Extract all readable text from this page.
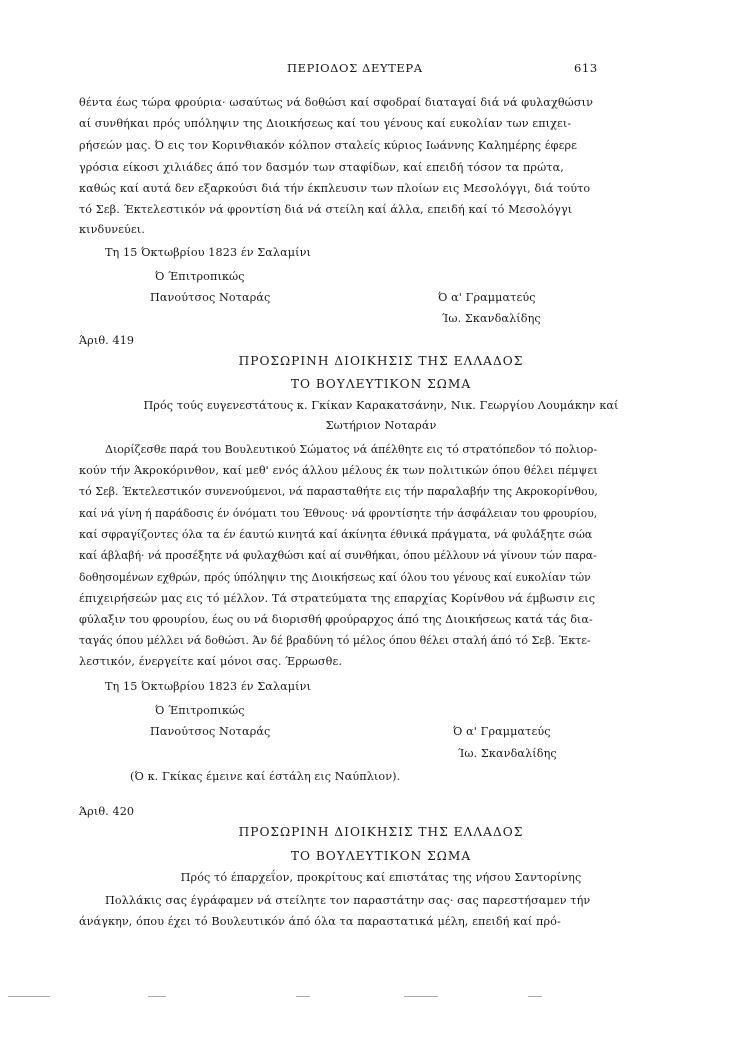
ΠΕΡΙΟΔΟΣ ΔΕΥΤΕΡΑ	613
θέντα έως τώρα φρούρια· ωσαύτως νά δοθώσι καί σφοδραί διαταγαί διά νά φυλαχθώσιν
αί συνθήκαι πρός υπόληψιν της Διοικήσεως καί του γένους καί ευκολίαν των επιχει-
ρήσεών μας. Ό εις τον Κορινθιακόν κόλπον σταλείς κύριος Ιωάννης Καλημέρης έφερε
γρόσια είκοσι χιλιάδες άπό τον δασμόν των σταφίδων, καί επειδή τόσον τα πρώτα,
καθώς καί αυτά δεν εξαρκούσι διά τήν έκπλευσιν των πλοίων εις Μεσολόγγι, διά τούτο
τό Σεβ. Έκτελεστικόν νά φροντίση διά νά στείλη καί άλλα, επειδή καί τό Μεσολόγγι
κινδυνεύει.
Τη 15 Όκτωβρίου 1823 έν Σαλαμίνι
Ό Έπιτροπικώς
Πανούτσος Νοταράς	Ό α' Γραμματεύς
Ίω. Σκανδαλίδης
Άριθ. 419
ΠΡΟΣΩΡΙΝΗ ΔΙΟΙΚΗΣΙΣ ΤΗΣ ΕΛΛΑΔΟΣ
ΤΟ ΒΟΥΛΕΥΤΙΚΟΝ ΣΩΜΑ
Πρός τούς ευγενεστάτους κ. Γκίκαν Καρακατσάνην, Νικ. Γεωργίου Λουμάκην καί
Σωτήριον Νοταράν
Διορίζεσθε παρά του Βουλευτικού Σώματος νά άπέλθητε εις τό στρατόπεδον τό πολιορ-
κούν τήν Άκροκόρινθον, καί μεθ' ενός άλλου μέλους έκ των πολιτικών όπου θέλει πέμψει
τό Σεβ. Έκτελεστικόν συνενούμενοι, νά παρασταθήτε εις τήν παραλαβήν της Ακροκορίνθου,
καί νά γίνη ή παράδοσις έν όνόματι του Έθνους· νά φροντίσητε τήν άσφάλειαν του φρουρίου,
καί σφραγίζοντες όλα τα έν έαυτώ κινητά καί άκίνητα έθνικά πράγματα, νά φυλάξητε σώα
καί άβλαβή· νά προσέξητε νά φυλαχθώσι καί αί συνθήκαι, όπου μέλλουν νά γίνουν τών παρα-
δοθησομένων εχθρών, πρός ύπόληψιν της Διοικήσεως καί όλου του γένους καί ευκολίαν τών
έπιχειρήσεών μας εις τό μέλλον. Τά στρατεύματα της επαρχίας Κορίνθου νά έμβωσιν εις
φύλαξιν του φρουρίου, έως ου νά διορισθή φρούραρχος άπό της Διοικήσεως κατά τάς δια-
ταγάς όπου μέλλει νά δοθώσι. Άν δέ βραδύνη τό μέλος όπου θέλει σταλή άπό τό Σεβ. Έκτε-
λεστικόν, ένεργείτε καί μόνοι σας. Έρρωσθε.
Τη 15 Όκτωβρίου 1823 έν Σαλαμίνι
Ό Έπιτροπικώς
Πανούτσος Νοταράς	Ό α' Γραμματεύς
Ίω. Σκανδαλίδης
(Ό κ. Γκίκας έμεινε καί έστάλη εις Ναύπλιον).
Άριθ. 420
ΠΡΟΣΩΡΙΝΗ ΔΙΟΙΚΗΣΙΣ ΤΗΣ ΕΛΛΑΔΟΣ
ΤΟ ΒΟΥΛΕΥΤΙΚΟΝ ΣΩΜΑ
Πρός τό έπαρχεΐον, προκρίτους καί επιστάτας της νήσου Σαντορίνης
Πολλάκις σας έγράφαμεν νά στείλητε τον παραστάτην σας· σας παρεστήσαμεν τήν
άνάγκην, όπου έχει τό Βουλευτικόν άπό όλα τα παραστατικά μέλη, επειδή καί πρό-
